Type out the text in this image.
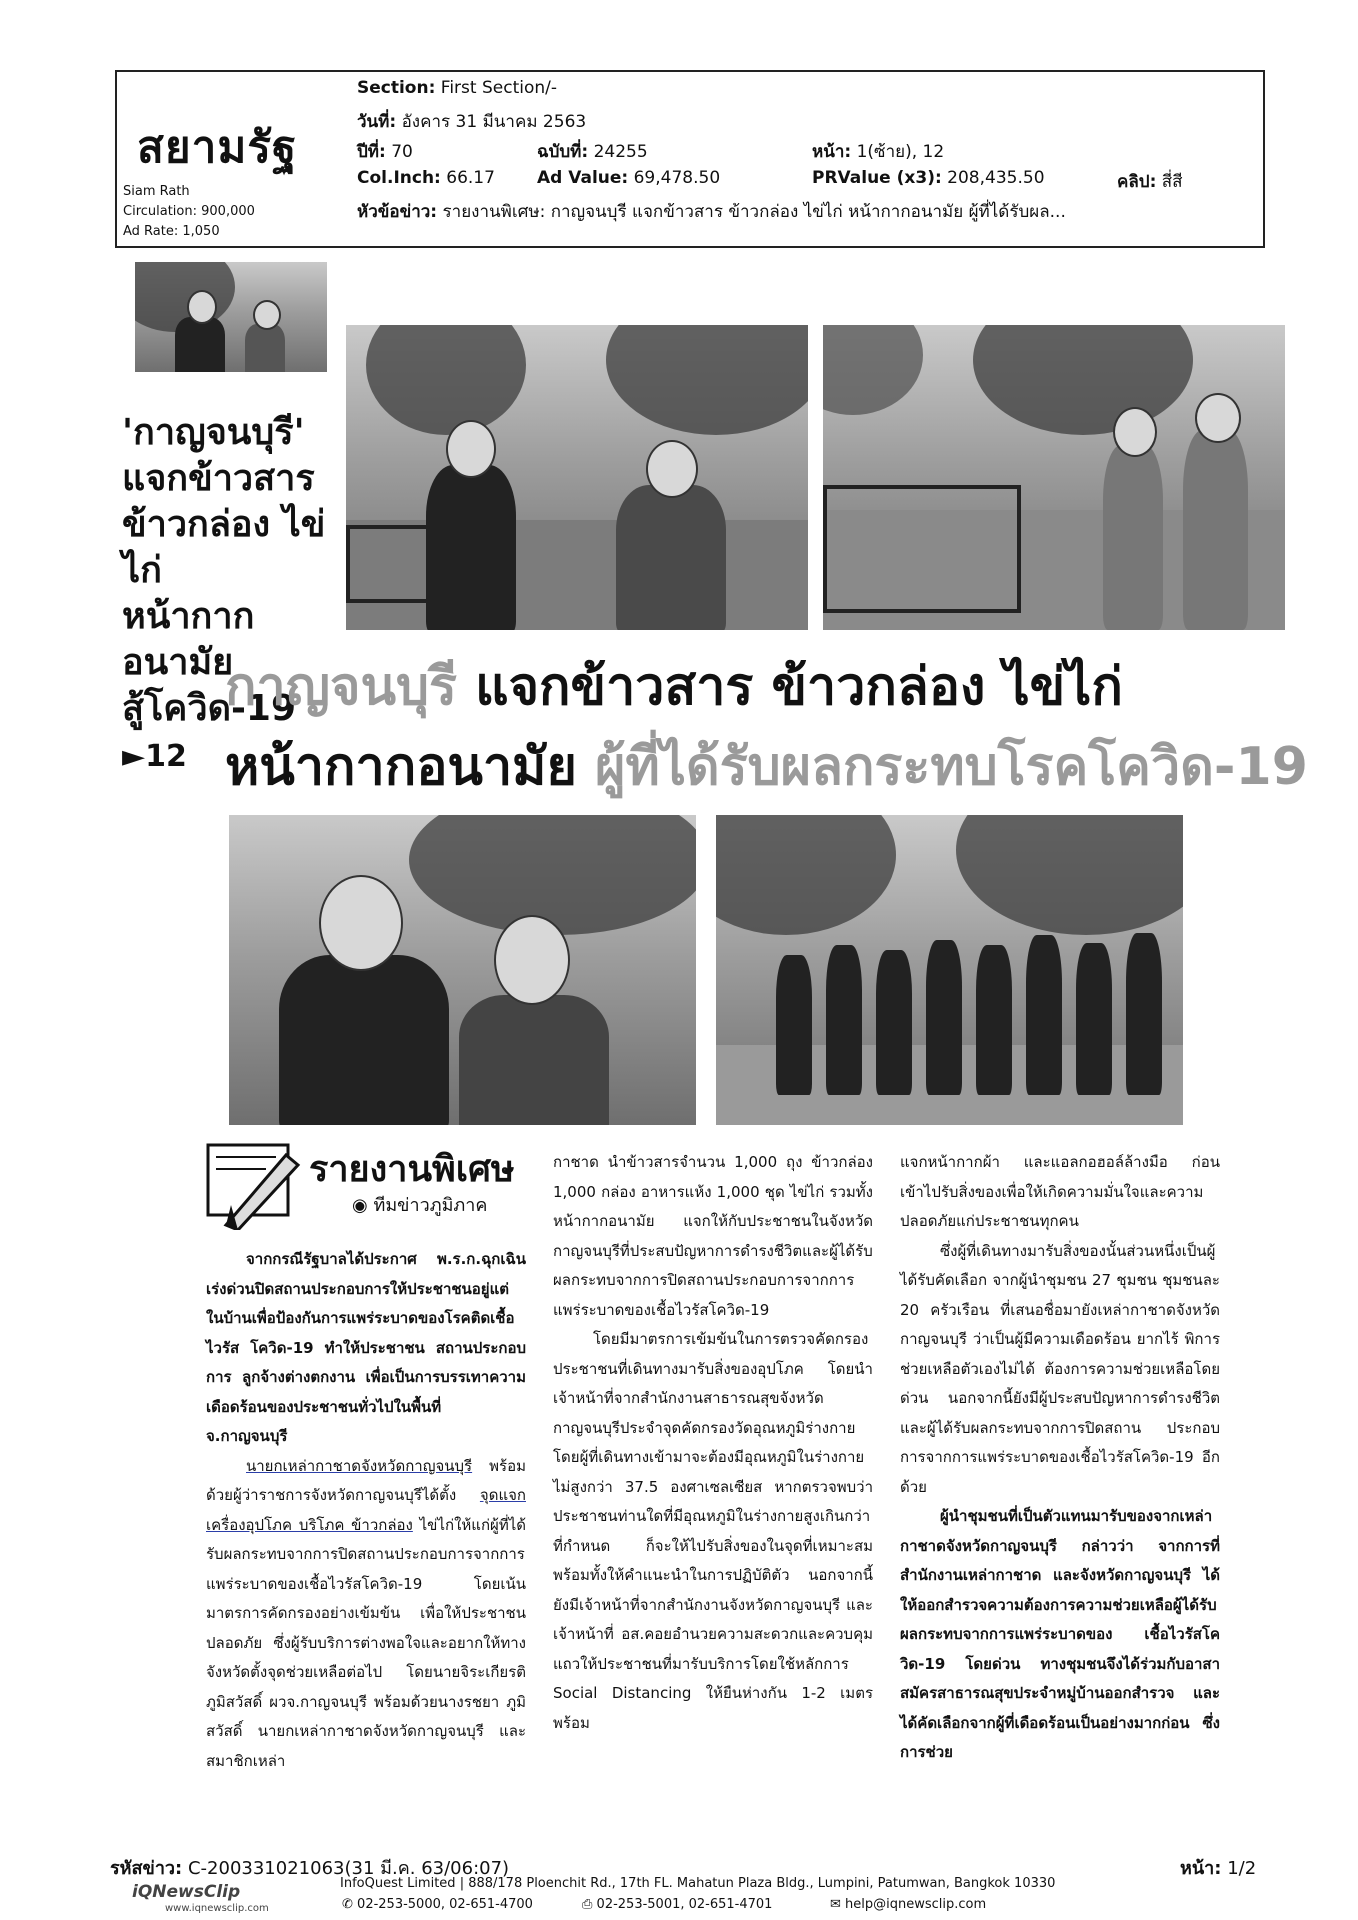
สยามรัฐ
Siam Rath
Circulation: 900,000
Ad Rate: 1,050
Section: First Section/-
วันที่: อังคาร 31 มีนาคม 2563
ปีที่: 70	ฉบับที่: 24255	หน้า: 1(ซ้าย), 12
Col.Inch: 66.17 Ad Value: 69,478.50	PRValue (x3): 208,435.50	คลิป: สี่สี
หัวข้อข่าว: รายงานพิเศษ: กาญจนบุรี แจกข้าวสาร ข้าวกล่อง ไข่ไก่ หน้ากากอนามัย ผู้ที่ได้รับผล...
'กาญจนบุรี'
แจกข้าวสาร
ข้าวกล่อง ไข่ไก่
หน้ากากอนามัย
สู้โควิด-19 ►12
กาญจนบุรี แจกข้าวสาร ข้าวกล่อง ไข่ไก่
หน้ากากอนามัย ผู้ที่ได้รับผลกระทบโรคโควิด-19
รายงานพิเศษ
◉ ทีมข่าวภูมิภาค

จากกรณีรัฐบาลได้ประกาศ พ.ร.ก.ฉุกเฉิน เร่งด่วนปิดสถานประกอบการให้ประชาชนอยู่แต่ในบ้านเพื่อป้องกันการแพร่ระบาดของโรคติดเชื้อไวรัส โควิด-19 ทำให้ประชาชน สถานประกอบการ ลูกจ้างต่างตกงาน เพื่อเป็นการบรรเทาความเดือดร้อนของประชาชนทั่วไปในพื้นที่ จ.กาญจนบุรี

นายกเหล่ากาชาดจังหวัดกาญจนบุรี พร้อมด้วยผู้ว่าราชการจังหวัดกาญจนบุรีได้ตั้ง จุดแจกเครื่องอุปโภค บริโภค ข้าวกล่อง ไข่ไก่ให้แก่ผู้ที่ได้รับผลกระทบจากการปิดสถานประกอบการจากการแพร่ระบาดของเชื้อไวรัสโควิด-19 โดยเน้นมาตรการคัดกรองอย่างเข้มข้น เพื่อให้ประชาชนปลอดภัย ซึ่งผู้รับบริการต่างพอใจและอยากให้ทางจังหวัดตั้งจุดช่วยเหลือต่อไป โดยนายจิระเกียรติ ภูมิสวัสดิ์ ผวจ.กาญจนบุรี พร้อมด้วยนางรชยา ภูมิสวัสดิ์ นายกเหล่ากาชาดจังหวัดกาญจนบุรี และสมาชิกเหล่า

กาชาด นำข้าวสารจำนวน 1,000 ถุง ข้าวกล่อง 1,000 กล่อง อาหารแห้ง 1,000 ชุด ไข่ไก่ รวมทั้งหน้ากากอนามัย แจกให้กับประชาชนในจังหวัดกาญจนบุรีที่ประสบปัญหาการดำรงชีวิตและผู้ได้รับผลกระทบจากการปิดสถานประกอบการจากการแพร่ระบาดของเชื้อไวรัสโควิด-19

โดยมีมาตรการเข้มข้นในการตรวจคัดกรองประชาชนที่เดินทางมารับสิ่งของอุปโภค โดยนำเจ้าหน้าที่จากสำนักงานสาธารณสุขจังหวัดกาญจนบุรีประจำจุดคัดกรองวัดอุณหภูมิร่างกายโดยผู้ที่เดินทางเข้ามาจะต้องมีอุณหภูมิในร่างกายไม่สูงกว่า 37.5 องศาเซลเซียส หากตรวจพบว่า ประชาชนท่านใดที่มีอุณหภูมิในร่างกายสูงเกินกว่าที่กำหนด ก็จะให้ไปรับสิ่งของในจุดที่เหมาะสม พร้อมทั้งให้คำแนะนำในการปฏิบัติตัว นอกจากนี้ยังมีเจ้าหน้าที่จากสำนักงานจังหวัดกาญจนบุรี และเจ้าหน้าที่ อส.คอยอำนวยความสะดวกและควบคุมแถวให้ประชาชนที่มารับบริการโดยใช้หลักการ Social Distancing ให้ยืนห่างกัน 1-2 เมตร พร้อม

แจกหน้ากากผ้า และแอลกอฮอล์ล้างมือ ก่อนเข้าไปรับสิ่งของเพื่อให้เกิดความมั่นใจและความปลอดภัยแก่ประชาชนทุกคน

ซึ่งผู้ที่เดินทางมารับสิ่งของนั้นส่วนหนึ่งเป็นผู้ได้รับคัดเลือก จากผู้นำชุมชน 27 ชุมชน ชุมชนละ 20 ครัวเรือน ที่เสนอชื่อมายังเหล่ากาชาดจังหวัดกาญจนบุรี ว่าเป็นผู้มีความเดือดร้อน ยากไร้ พิการ ช่วยเหลือตัวเองไม่ได้ ต้องการความช่วยเหลือโดยด่วน นอกจากนี้ยังมีผู้ประสบปัญหาการดำรงชีวิตและผู้ได้รับผลกระทบจากการปิดสถาน ประกอบการจากการแพร่ระบาดของเชื้อไวรัสโควิด-19 อีกด้วย

ผู้นำชุมชนที่เป็นตัวแทนมารับของจากเหล่ากาชาดจังหวัดกาญจนบุรี กล่าวว่า จากการที่สำนักงานเหล่ากาชาด และจังหวัดกาญจนบุรี ได้ให้ออกสำรวจความต้องการความช่วยเหลือผู้ได้รับผลกระทบจากการแพร่ระบาดของ เชื้อไวรัสโควิด-19 โดยด่วน ทางชุมชนจึงได้ร่วมกับอาสาสมัครสาธารณสุขประจำหมู่บ้านออกสำรวจ และได้คัดเลือกจากผู้ที่เดือดร้อนเป็นอย่างมากก่อน ซึ่งการช่วย

รหัสข่าว: C-200331021063(31 มี.ค. 63/06:07)	หน้า: 1/2
iQNewsClip
www.iqnewsclip.com
InfoQuest Limited | 888/178 Ploenchit Rd., 17th FL. Mahatun Plaza Bldg., Lumpini, Patumwan, Bangkok 10330
✆ 02-253-5000, 02-651-4700	⎙ 02-253-5001, 02-651-4701	✉ help@iqnewsclip.com
